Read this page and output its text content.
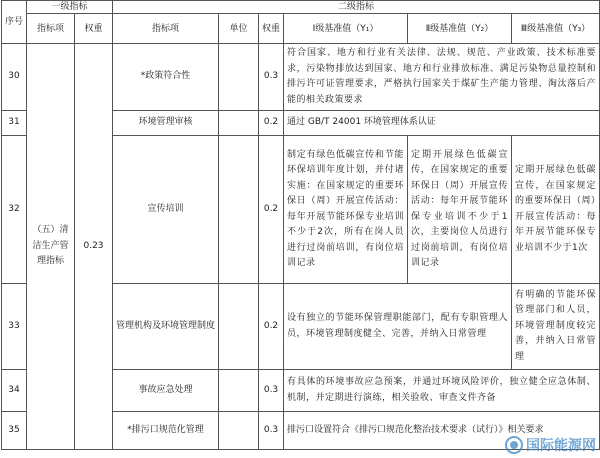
序号	一级指标		二级指标					
	指标项	权重	指标项	单位	权重	Ⅰ级基准值（Y₁）	Ⅱ级基准值（Y₂）	Ⅲ级基准值（Y₃）
30	（五）清洁生产管理指标	0.23	*政策符合性		0.3	符合国家、地方和行业有关法律、法规、规范、产业政策、技术标准要求，污染物排放达到国家、地方和行业排放标准、满足污染物总量控制和排污许可证管理要求，严格执行国家关于煤矿生产能力管理、淘汰落后产能的相关政策要求		
31			环境管理审核		0.2	通过 GB/T 24001 环境管理体系认证		
32			宣传培训		0.2	制定有绿色低碳宣传和节能环保培训年度计划，并付诸实施：在国家规定的重要环保日（周）开展宣传活动：每年开展节能环保专业培训不少于2次，所有在岗人员进行过岗前培训，有岗位培训记录	定期开展绿色低碳宣传，在国家规定的重要环保日（周）开展宣传活动：每年开展节能环保专业培训不少于1次，主要岗位人员进行过岗前培训，有岗位培训记录	定期开展绿色低碳宣传，在国家规定的重要环保日（周）开展宣传活动：每年开展节能环保专业培训不少于1次
33			管理机构及环境管理制度		0.2	设有独立的节能环保管理职能部门，配有专职管理人员，环境管理制度健全、完善，并纳入日常管理		有明确的节能环保管理部门和人员，环境管理制度较完善，并纳入日常管理
34			事故应急处理		0.3	有具体的环境事故应急预案，并通过环境风险评价，独立健全应急体制、机制，并定期进行演练，相关验收、审查文件齐备		
35			*排污口规范化管理		0.3	排污口设置符合《排污口规范化整治技术要求（试行）》相关要求		
国际能源网
